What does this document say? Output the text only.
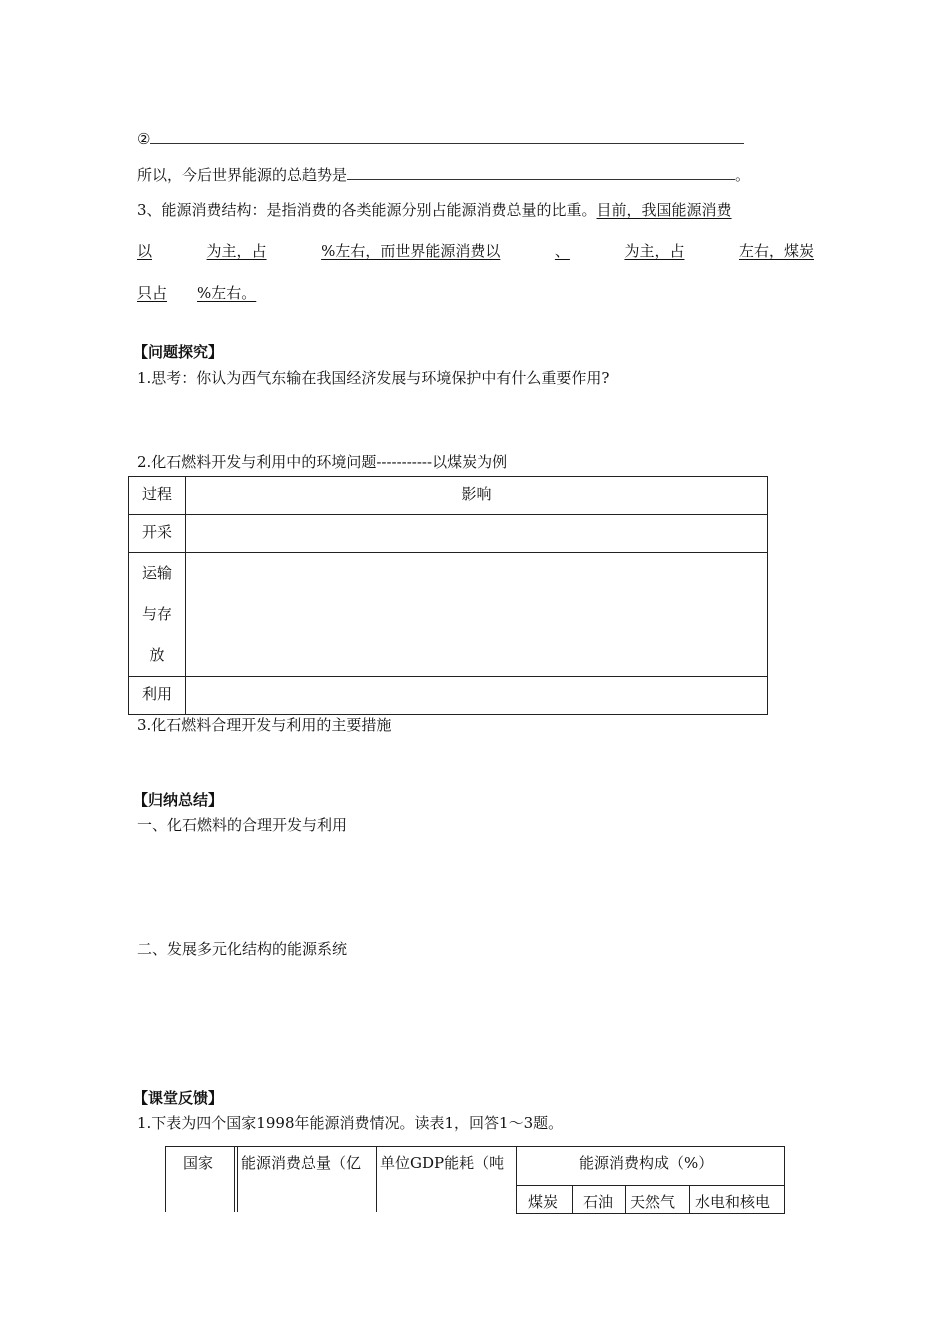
②
所以，今后世界能源的总趋势是	。
3、能源消费结构：是指消费的各类能源分别占能源消费总量的比重。目前，我国能源消费
以	为主，占	%左右，而世界能源消费以	、	为主，占	左右，煤炭
只占 %左右。
【问题探究】
1.思考：你认为西气东输在我国经济发展与环境保护中有什么重要作用?
2.化石燃料开发与利用中的环境问题-----------以煤炭为例
过程	影响
开采	

运输
与存
放	

利用	
3.化石燃料合理开发与利用的主要措施
【归纳总结】
一、化石燃料的合理开发与利用
二、发展多元化结构的能源系统
【课堂反馈】
1.下表为四个国家1998年能源消费情况。读表1，回答1～3题。
国家 能源消费总量（亿 单位GDP能耗（吨	能源消费构成（%）
煤炭 石油 天然气 水电和核电
